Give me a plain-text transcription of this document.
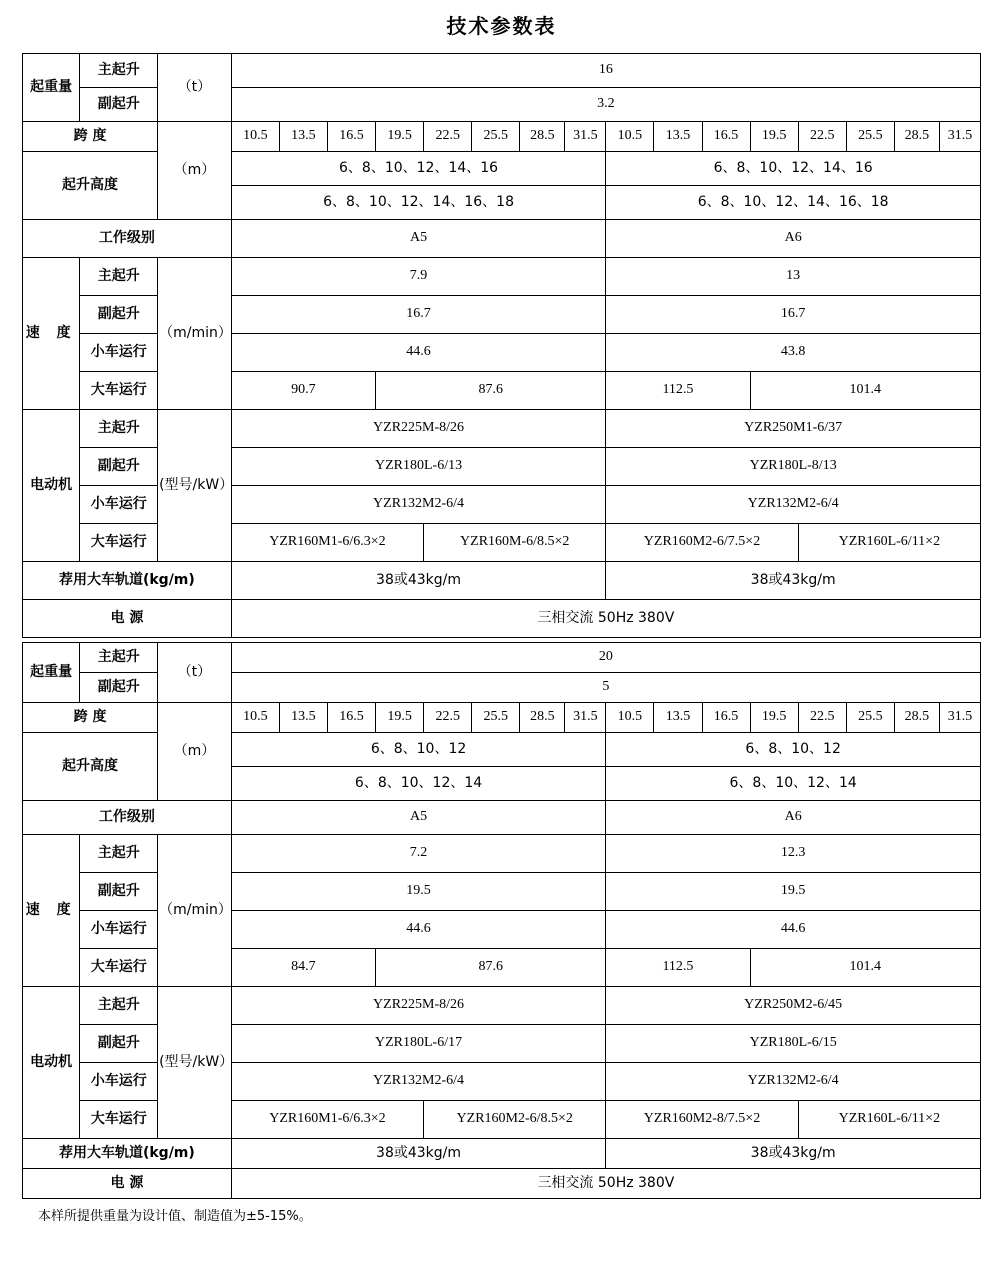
技术参数表
起重量	主起升	（t）	16															
	副起升		3.2															
跨 度		（m）	10.5	13.5	16.5	19.5	22.5	25.5	28.5	31.5	10.5	13.5	16.5	19.5	22.5	25.5	28.5	31.5
起升高度			6、8、10、12、14、16								6、8、10、12、14、16							
			6、8、10、12、14、16、18								6、8、10、12、14、16、18							
工作级别			A5								A6							
速 度	主起升	（m/min）	7.9								13							
	副起升		16.7								16.7							
	小车运行		44.6								43.8							
	大车运行		90.7			87.6					112.5			101.4				
电动机	主起升	(型号/kW）	YZR225M-8/26								YZR250M1-6/37							
	副起升		YZR180L-6/13								YZR180L-8/13							
	小车运行		YZR132M2-6/4								YZR132M2-6/4							
	大车运行		YZR160M1-6/6.3×2				YZR160M-6/8.5×2				YZR160M2-6/7.5×2				YZR160L-6/11×2			
荐用大车轨道(kg/m)			38或43kg/m								38或43kg/m							
电 源			三相交流 50Hz 380V															
起重量	主起升	（t）	20															
	副起升		5															
跨 度		（m）	10.5	13.5	16.5	19.5	22.5	25.5	28.5	31.5	10.5	13.5	16.5	19.5	22.5	25.5	28.5	31.5
起升高度			6、8、10、12								6、8、10、12							
			6、8、10、12、14								6、8、10、12、14							
工作级别			A5								A6							
速 度	主起升	（m/min）	7.2								12.3							
	副起升		19.5								19.5							
	小车运行		44.6								44.6							
	大车运行		84.7			87.6					112.5			101.4				
电动机	主起升	(型号/kW）	YZR225M-8/26								YZR250M2-6/45							
	副起升		YZR180L-6/17								YZR180L-6/15							
	小车运行		YZR132M2-6/4								YZR132M2-6/4							
	大车运行		YZR160M1-6/6.3×2				YZR160M2-6/8.5×2				YZR160M2-8/7.5×2				YZR160L-6/11×2			
荐用大车轨道(kg/m)			38或43kg/m								38或43kg/m							
电 源			三相交流 50Hz 380V															
本样所提供重量为设计值、制造值为±5-15%。
